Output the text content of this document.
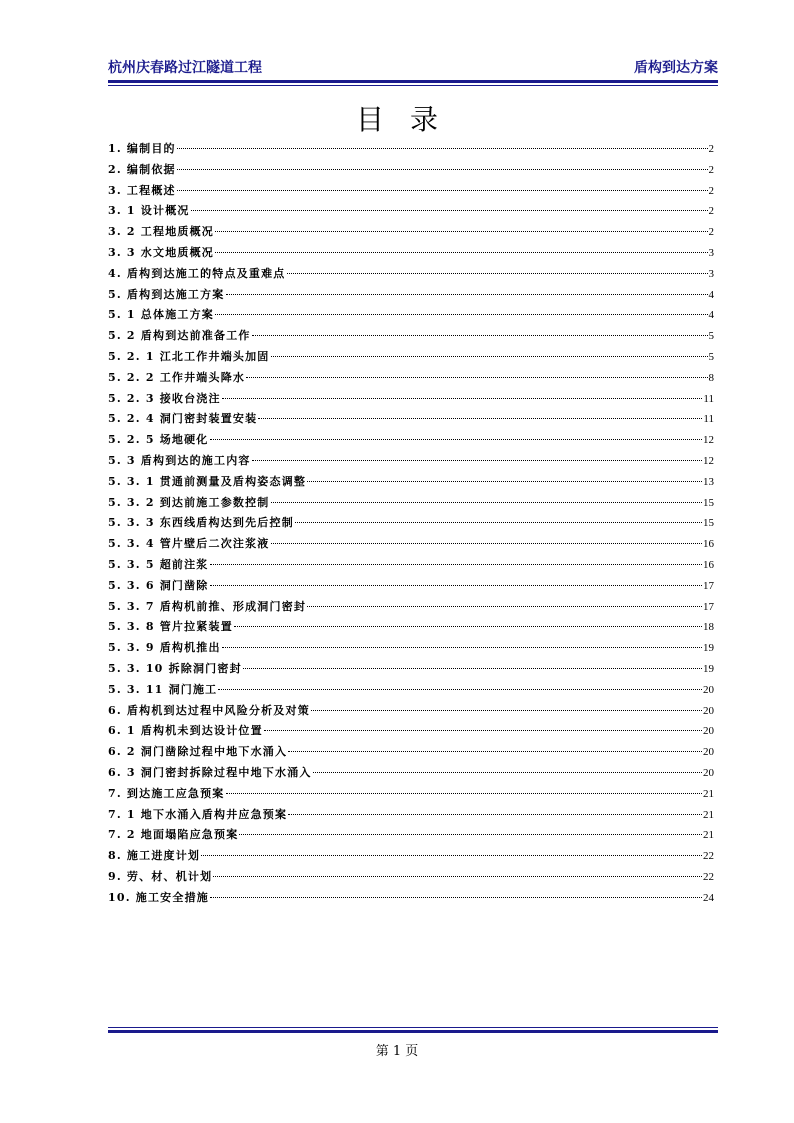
杭州庆春路过江隧道工程	盾构到达方案
目录
1. 编制目的	2
2. 编制依据	2
3. 工程概述	2
3. 1 设计概况	2
3. 2 工程地质概况	2
3. 3 水文地质概况	3
4. 盾构到达施工的特点及重难点	3
5. 盾构到达施工方案	4
5. 1 总体施工方案	4
5. 2 盾构到达前准备工作	5
5. 2. 1 江北工作井端头加固	5
5. 2. 2 工作井端头降水	8
5. 2. 3 接收台浇注	11
5. 2. 4 洞门密封装置安装	11
5. 2. 5 场地硬化	12
5. 3 盾构到达的施工内容	12
5. 3. 1 贯通前测量及盾构姿态调整	13
5. 3. 2 到达前施工参数控制	15
5. 3. 3 东西线盾构达到先后控制	15
5. 3. 4 管片壁后二次注浆液	16
5. 3. 5 超前注浆	16
5. 3. 6 洞门凿除	17
5. 3. 7 盾构机前推、形成洞门密封	17
5. 3. 8 管片拉紧装置	18
5. 3. 9 盾构机推出	19
5. 3. 10 拆除洞门密封	19
5. 3. 11 洞门施工	20
6. 盾构机到达过程中风险分析及对策	20
6. 1 盾构机未到达设计位置	20
6. 2 洞门凿除过程中地下水涌入	20
6. 3 洞门密封拆除过程中地下水涌入	20
7. 到达施工应急预案	21
7. 1 地下水涌入盾构井应急预案	21
7. 2 地面塌陷应急预案	21
8. 施工进度计划	22
9. 劳、材、机计划	22
10. 施工安全措施	24
第 1 页
